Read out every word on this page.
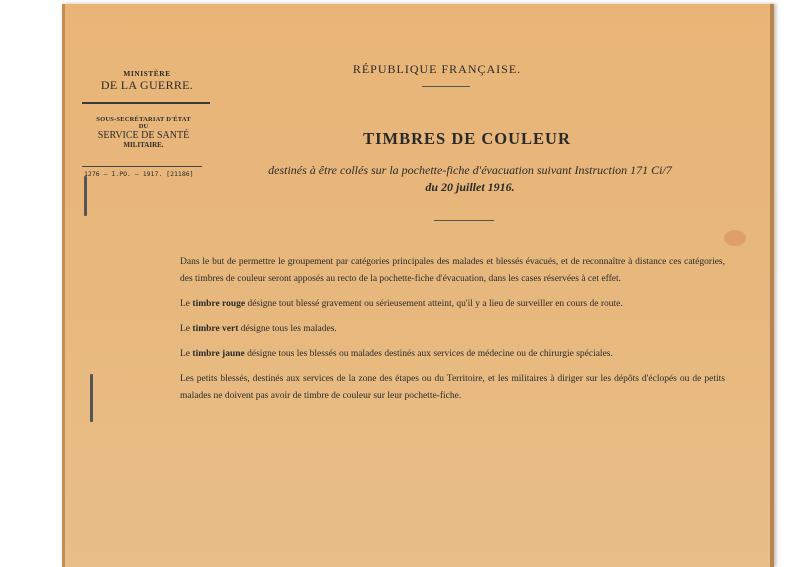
MINISTÈRE
DE LA GUERRE.
SOUS-SECRÉTARIAT D'ÉTAT
DU
SERVICE DE SANTÉ
MILITAIRE.
1276 – I.PO. – 1917. [21186]
RÉPUBLIQUE FRANÇAISE.
TIMBRES DE COULEUR
destinés à être collés sur la pochette-fiche d'évacuation suivant Instruction 171 Ci/7
du 20 juillet 1916.

Dans le but de permettre le groupement par catégories principales des malades et blessés évacués, et de reconnaître à distance ces catégories, des timbres de couleur seront apposés au recto de la pochette-fiche d'évacuation, dans les cases réservées à cet effet.

Le timbre rouge désigne tout blessé gravement ou sérieusement atteint, qu'il y a lieu de surveiller en cours de route.

Le timbre vert désigne tous les malades.

Le timbre jaune désigne tous les blessés ou malades destinés aux services de médecine ou de chirurgie spéciales.

Les petits blessés, destinés aux services de la zone des étapes ou du Territoire, et les militaires à diriger sur les dépôts d'éclopés ou de petits malades ne doivent pas avoir de timbre de couleur sur leur pochette-fiche.
